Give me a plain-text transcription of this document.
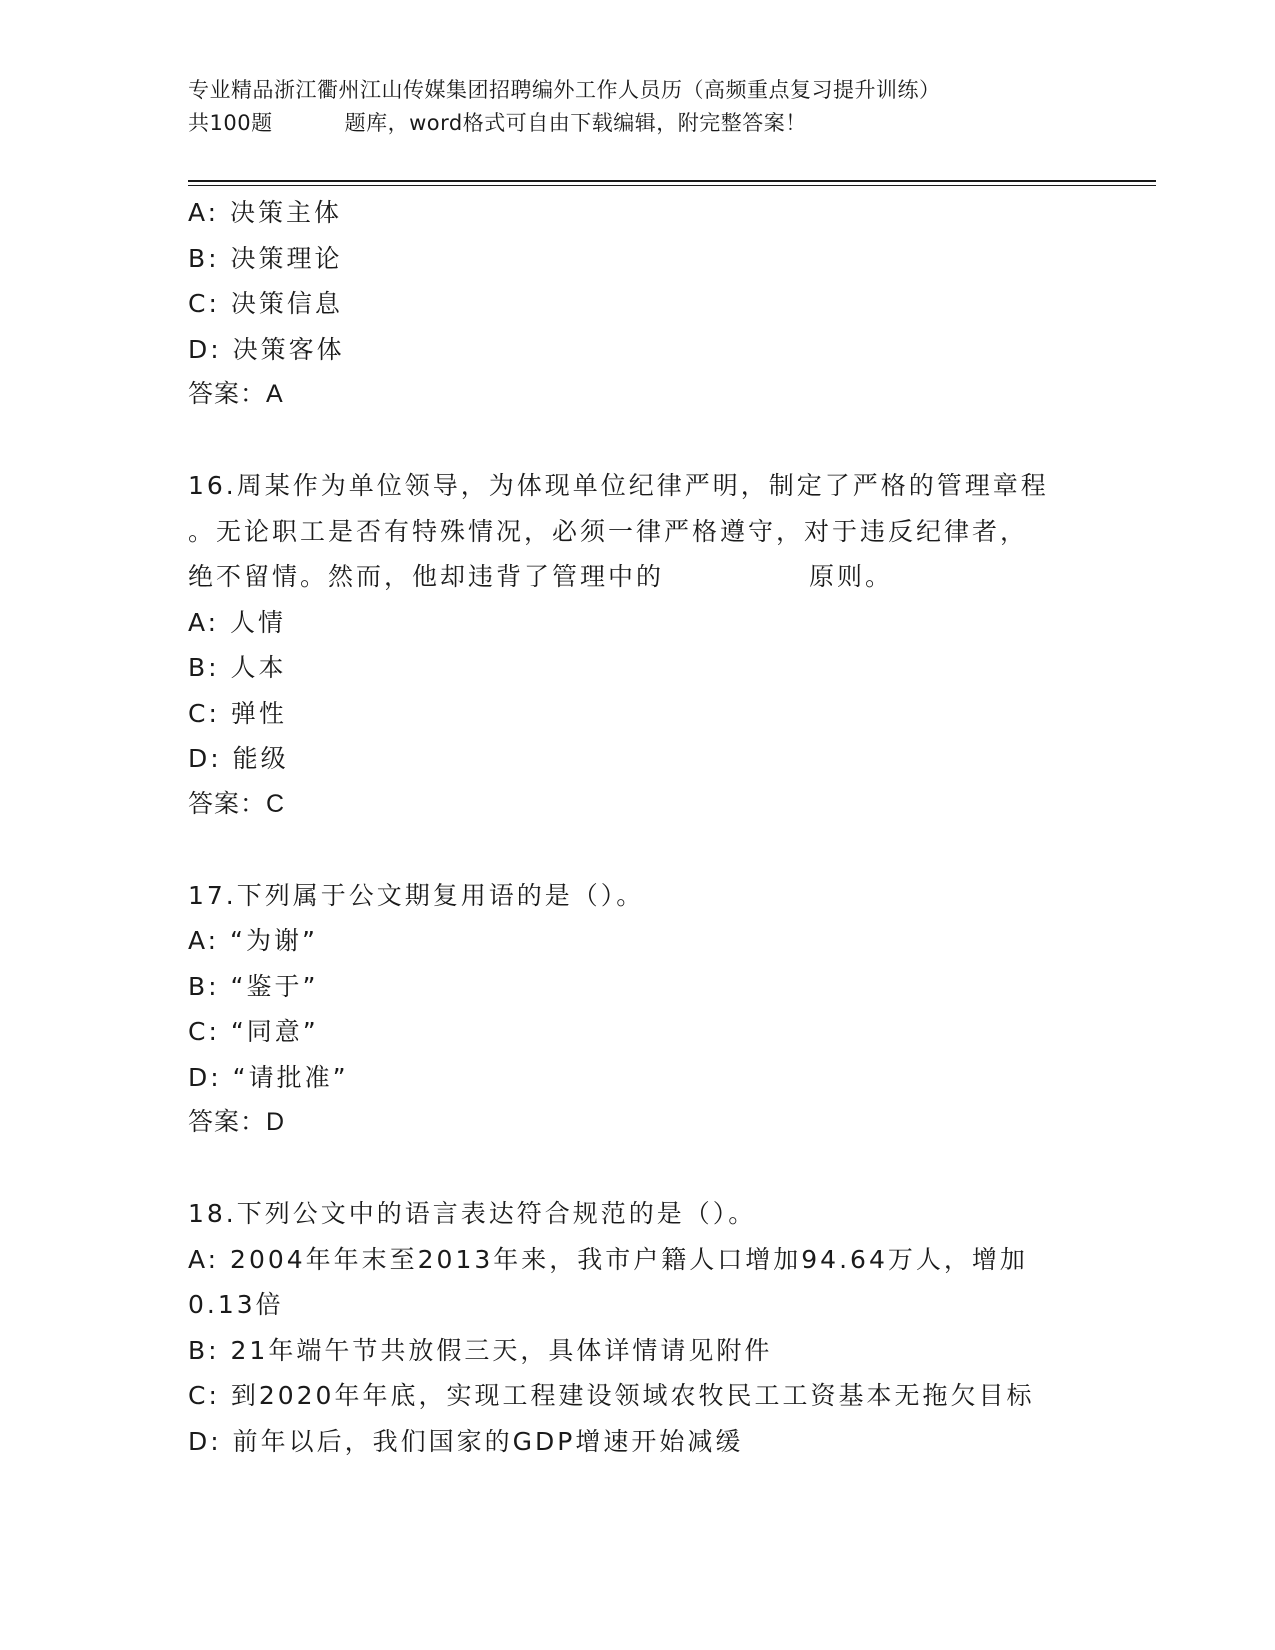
专业精品浙江衢州江山传媒集团招聘编外工作人员历（高频重点复习提升训练）
共100题	题库，word格式可自由下载编辑，附完整答案！
A: 决策主体
B: 决策理论
C: 决策信息
D: 决策客体
答案：A
16.周某作为单位领导，为体现单位纪律严明，制定了严格的管理章程
。无论职工是否有特殊情况，必须一律严格遵守，对于违反纪律者，
绝不留情。然而，他却违背了管理中的	原则。
A: 人情
B: 人本
C: 弹性
D: 能级
答案：C
17.下列属于公文期复用语的是（）。
A: “为谢”
B: “鉴于”
C: “同意”
D: “请批准”
答案：D
18.下列公文中的语言表达符合规范的是（）。
A: 2004年年末至2013年来，我市户籍人口增加94.64万人，增加
0.13倍
B: 21年端午节共放假三天，具体详情请见附件
C: 到2020年年底，实现工程建设领域农牧民工工资基本无拖欠目标
D: 前年以后，我们国家的GDP增速开始减缓
